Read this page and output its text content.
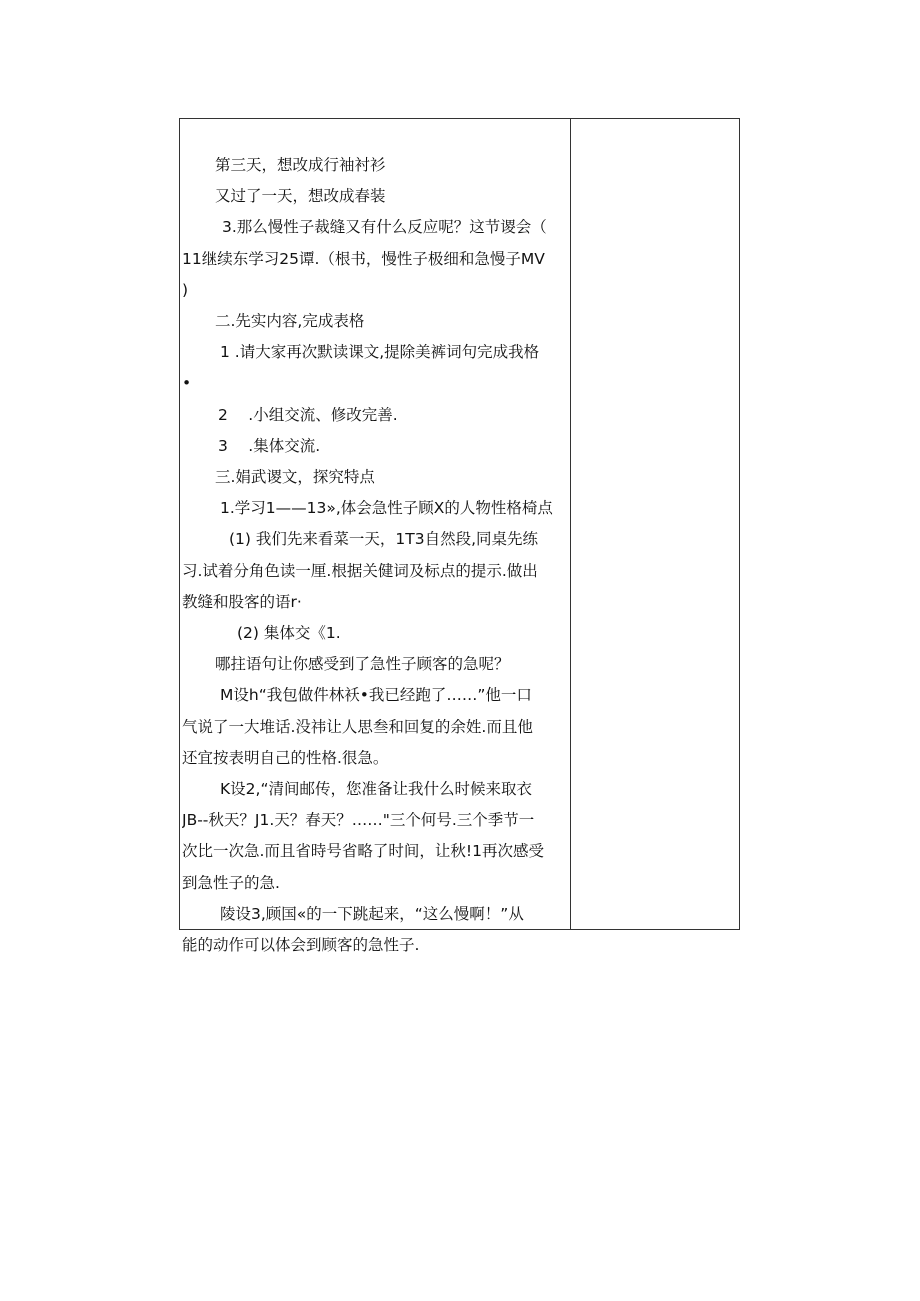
第三天，想改成行袖衬衫
又过了一天，想改成春装
3.那么慢性子裁缝又有什么反应呢？这节谡会（
11继续东学习25谭.（根书，慢性子极细和急慢子MV
)
二.先实内容,完成表格
1 .请大家再次默读课文,提除美裤词句完成我格
•
2　 .小组交流、修改完善.
3　 .集体交流.
三.娟武谡文，探究特点
1.学习1——13»,体会急性子顾X的人物性格椅点
(1) 我们先来看菜一天，1T3自然段,同桌先练
习.试着分角色读一厘.根据关健词及标点的提示.做出
教缝和股客的语r·
(2) 集体交《1.
哪拄语句让你感受到了急性子顾客的急呢？
M设h“我包做件林袄•我已经跑了……”他一口
气说了一大堆话.没祎让人思叁和回复的余姓.而且他
还宜按表明自己的性格.很急。
K设2,“清间邮传，您准备让我什么时候来取衣
JB--秋天？J1.天？春天？……"三个何号.三个季节一
次比一次急.而且省時号省略了时间，让秋!1再次感受
到急性子的急.
陵设3,顾国«的一下跳起来，“这么慢啊！”从
能的动作可以体会到顾客的急性子.
